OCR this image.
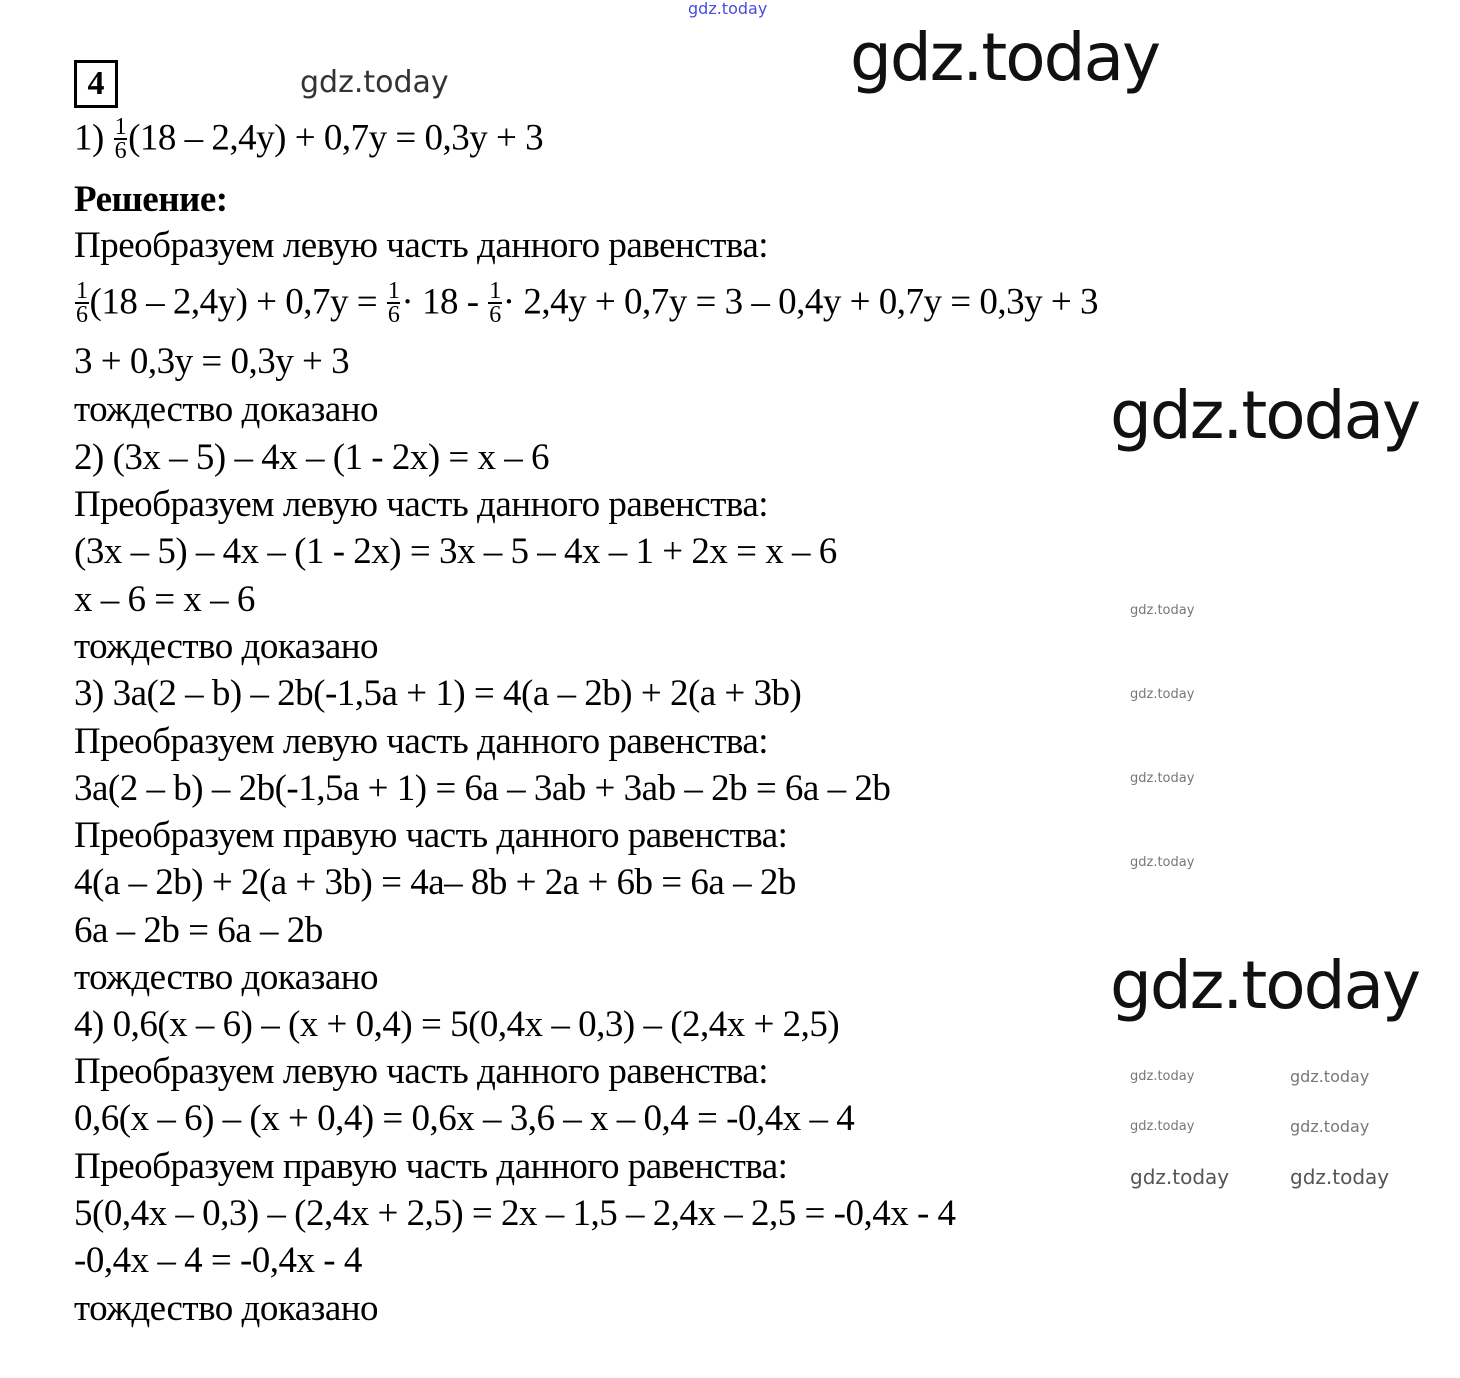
4
$1) \frac{1}{6} (18 - 2,4y) + 0,7y = 0,3y + 3$
Решение:
Преобразуем левую часть данного равенства:
$\frac{1}{6} (18 - 2,4y) + 0,7y = \frac{1}{6} \cdot 18 - \frac{1}{6} \cdot 2,4y + 0,7y = 3 - 0,4y + 0,7y = 0,3y + 3$
3 + 0,3y = 0,3y + 3
тождество доказано
2) (3x – 5) – 4x – (1 - 2x) = x – 6
Преобразуем левую часть данного равенства:
(3x – 5) – 4x – (1 - 2x) = 3x – 5 – 4x – 1 + 2x = x – 6
x – 6 = x – 6
тождество доказано
3) 3a(2 – b) – 2b(-1,5a + 1) = 4(a – 2b) + 2(a + 3b)
Преобразуем левую часть данного равенства:
3a(2 – b) – 2b(-1,5a + 1) = 6a – 3ab + 3ab – 2b = 6a – 2b
Преобразуем правую часть данного равенства:
4(a – 2b) + 2(a + 3b) = 4a– 8b + 2a + 6b = 6a – 2b
6a – 2b = 6a – 2b
тождество доказано
4) 0,6(x – 6) – (x + 0,4) = 5(0,4x – 0,3) – (2,4x + 2,5)
Преобразуем левую часть данного равенства:
0,6(x – 6) – (x + 0,4) = 0,6x – 3,6 – x – 0,4 = -0,4x – 4
Преобразуем правую часть данного равенства:
5(0,4x – 0,3) – (2,4x + 2,5) = 2x – 1,5 – 2,4x – 2,5 = -0,4x - 4
-0,4x – 4 = -0,4x - 4
тождество доказано
gdz.today
gdz.today
gdz.today
gdz.today
gdz.today
gdz.today
gdz.today
gdz.today
gdz.today
gdz.today	gdz.today
gdz.today	gdz.today
gdz.today	gdz.today
